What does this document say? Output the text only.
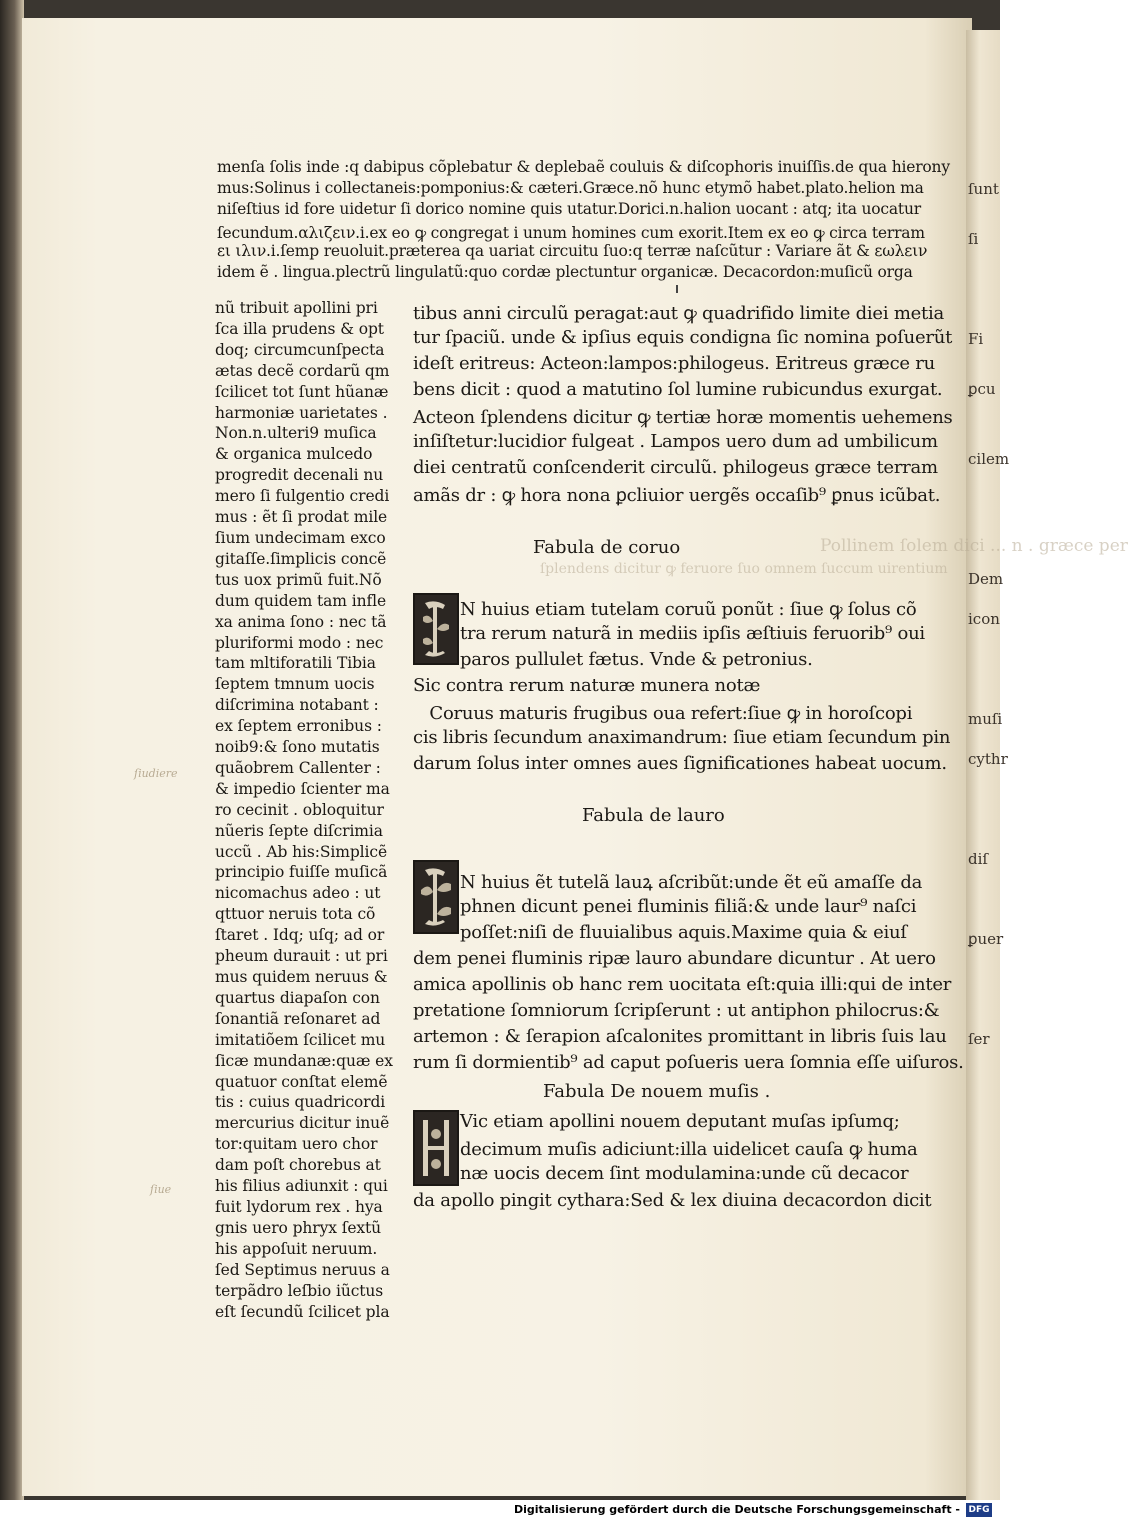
ſunt
ſi
Fi
ꝑcu
cilem
Dem
icon
muſi
cythr
diſ
ꝑuer
ſer
Pollinem ſolem dici ... n . græce per
ſplendens dicitur ꝙ feruore ſuo omnem ſuccum uirentium
ſiudiere
ſiue
menſa ſolis inde :q dabipus cõplebatur & deplebaẽ couluis & diſcophoris inuiſſis.de qua hierony
mus:Solinus i collectaneis:pomponius:& cæteri.Græce.nõ hunc etymõ habet.plato.helion ma
niſeſtius id fore uidetur ſi dorico nomine quis utatur.Dorici.n.halion uocant : atq; ita uocatur
ſecundum.αλιζειν.i.ex eo ꝙ congregat i unum homines cum exorit.Item ex eo ꝙ circa terram
ει ιλιν.i.ſemp reuoluit.præterea qa uariat circuitu ſuo:q terræ naſcũtur : Variare ãt & εωλειν
idem ẽ . lingua.plectrũ lingulatũ:quo cordæ plectuntur organicæ. Decacordon:muſicũ orga
nũ tribuit apollini pri
ſca illa prudens & opt
doq; circumcunſpecta
ætas decẽ cordarũ qm
ſcilicet tot ſunt hũanæ
harmoniæ uarietates .
Non.n.ulteri9 muſica
& organica mulcedo
progredit decenali nu
mero ſi fulgentio credi
mus : ẽt ſi prodat mile
ſium undecimam exco
gitaſſe.ſimplicis concẽ
tus uox primũ fuit.Nõ
dum quidem tam infle
xa anima ſono : nec tã
pluriformi modo : nec
tam mltiforatili Tibia
ſeptem tmnum uocis
diſcrimina notabant :
ex ſeptem erronibus :
noib9:& ſono mutatis
quãobrem Callenter :
& impedio ſcienter ma
ro cecinit . obloquitur
nũeris ſepte diſcrimia
uccũ . Ab his:Simplicẽ
principio fuiſſe muſicã
nicomachus adeo : ut
qttuor neruis tota cõ
ſtaret . Idq; uſq; ad or
pheum durauit : ut pri
mus quidem neruus &
quartus diapaſon con
ſonantiã reſonaret ad
imitatiõem ſcilicet mu
ſicæ mundanæ:quæ ex
quatuor conſtat elemẽ
tis : cuius quadricordi
mercurius dicitur inuẽ
tor:quitam uero chor
dam poſt chorebus at
his filius adiunxit : qui
fuit lydorum rex . hya
gnis uero phryx ſextũ
his appoſuit neruum.
ſed Septimus neruus a
terpãdro leſbio iũctus
eſt ſecundũ ſcilicet pla
tibus anni circulũ peragat:aut ꝙ quadrifido limite diei metia
tur ſpaciũ. unde & ipſius equis condigna ſic nomina poſuerũt
ideſt eritreus: Acteon:lampos:philogeus. Eritreus græce ru
bens dicit : quod a matutino ſol lumine rubicundus exurgat.
Acteon ſplendens dicitur ꝙ tertiæ horæ momentis uehemens
inſiſtetur:lucidior fulgeat . Lampos uero dum ad umbilicum
diei centratũ conſcenderit circulũ. philogeus græce terram
amãs dr : ꝙ hora nona ꝑcliuior uergẽs occaſib⁹ ꝑnus icũbat.
Fabula de coruo
N huius etiam tutelam coruũ ponũt : ſiue ꝙ ſolus cõ
tra rerum naturã in mediis ipſis æſtiuis feruorib⁹ oui
paros pullulet fætus. Vnde & petronius.
Sic contra rerum naturæ munera notæ
Coruus maturis frugibus oua refert:ſiue ꝙ in horoſcopi
cis libris ſecundum anaximandrum: ſiue etiam ſecundum pin
darum ſolus inter omnes aues ſignificationes habeat uocum.
Fabula de lauro
N huius ẽt tutelã lauꝝ aſcribũt:unde ẽt eũ amaſſe da
phnen dicunt penei fluminis filiã:& unde laur⁹ naſci
poſſet:niſi de fluuialibus aquis.Maxime quia & eiuſ
dem penei fluminis ripæ lauro abundare dicuntur . At uero
amica apollinis ob hanc rem uocitata eſt:quia illi:qui de inter
pretatione ſomniorum ſcripſerunt : ut antiphon philocrus:&
artemon : & ſerapion aſcalonites promittant in libris ſuis lau
rum ſi dormientib⁹ ad caput poſueris uera ſomnia eſſe uiſuros.
Fabula De nouem muſis .
Vic etiam apollini nouem deputant muſas ipſumq;
decimum muſis adiciunt:illa uidelicet cauſa ꝙ huma
næ uocis decem ſint modulamina:unde cũ decacor
da apollo pingit cythara:Sed & lex diuina decacordon dicit
Digitalisierung gefördert durch die Deutsche Forschungsgemeinschaft - DFG
